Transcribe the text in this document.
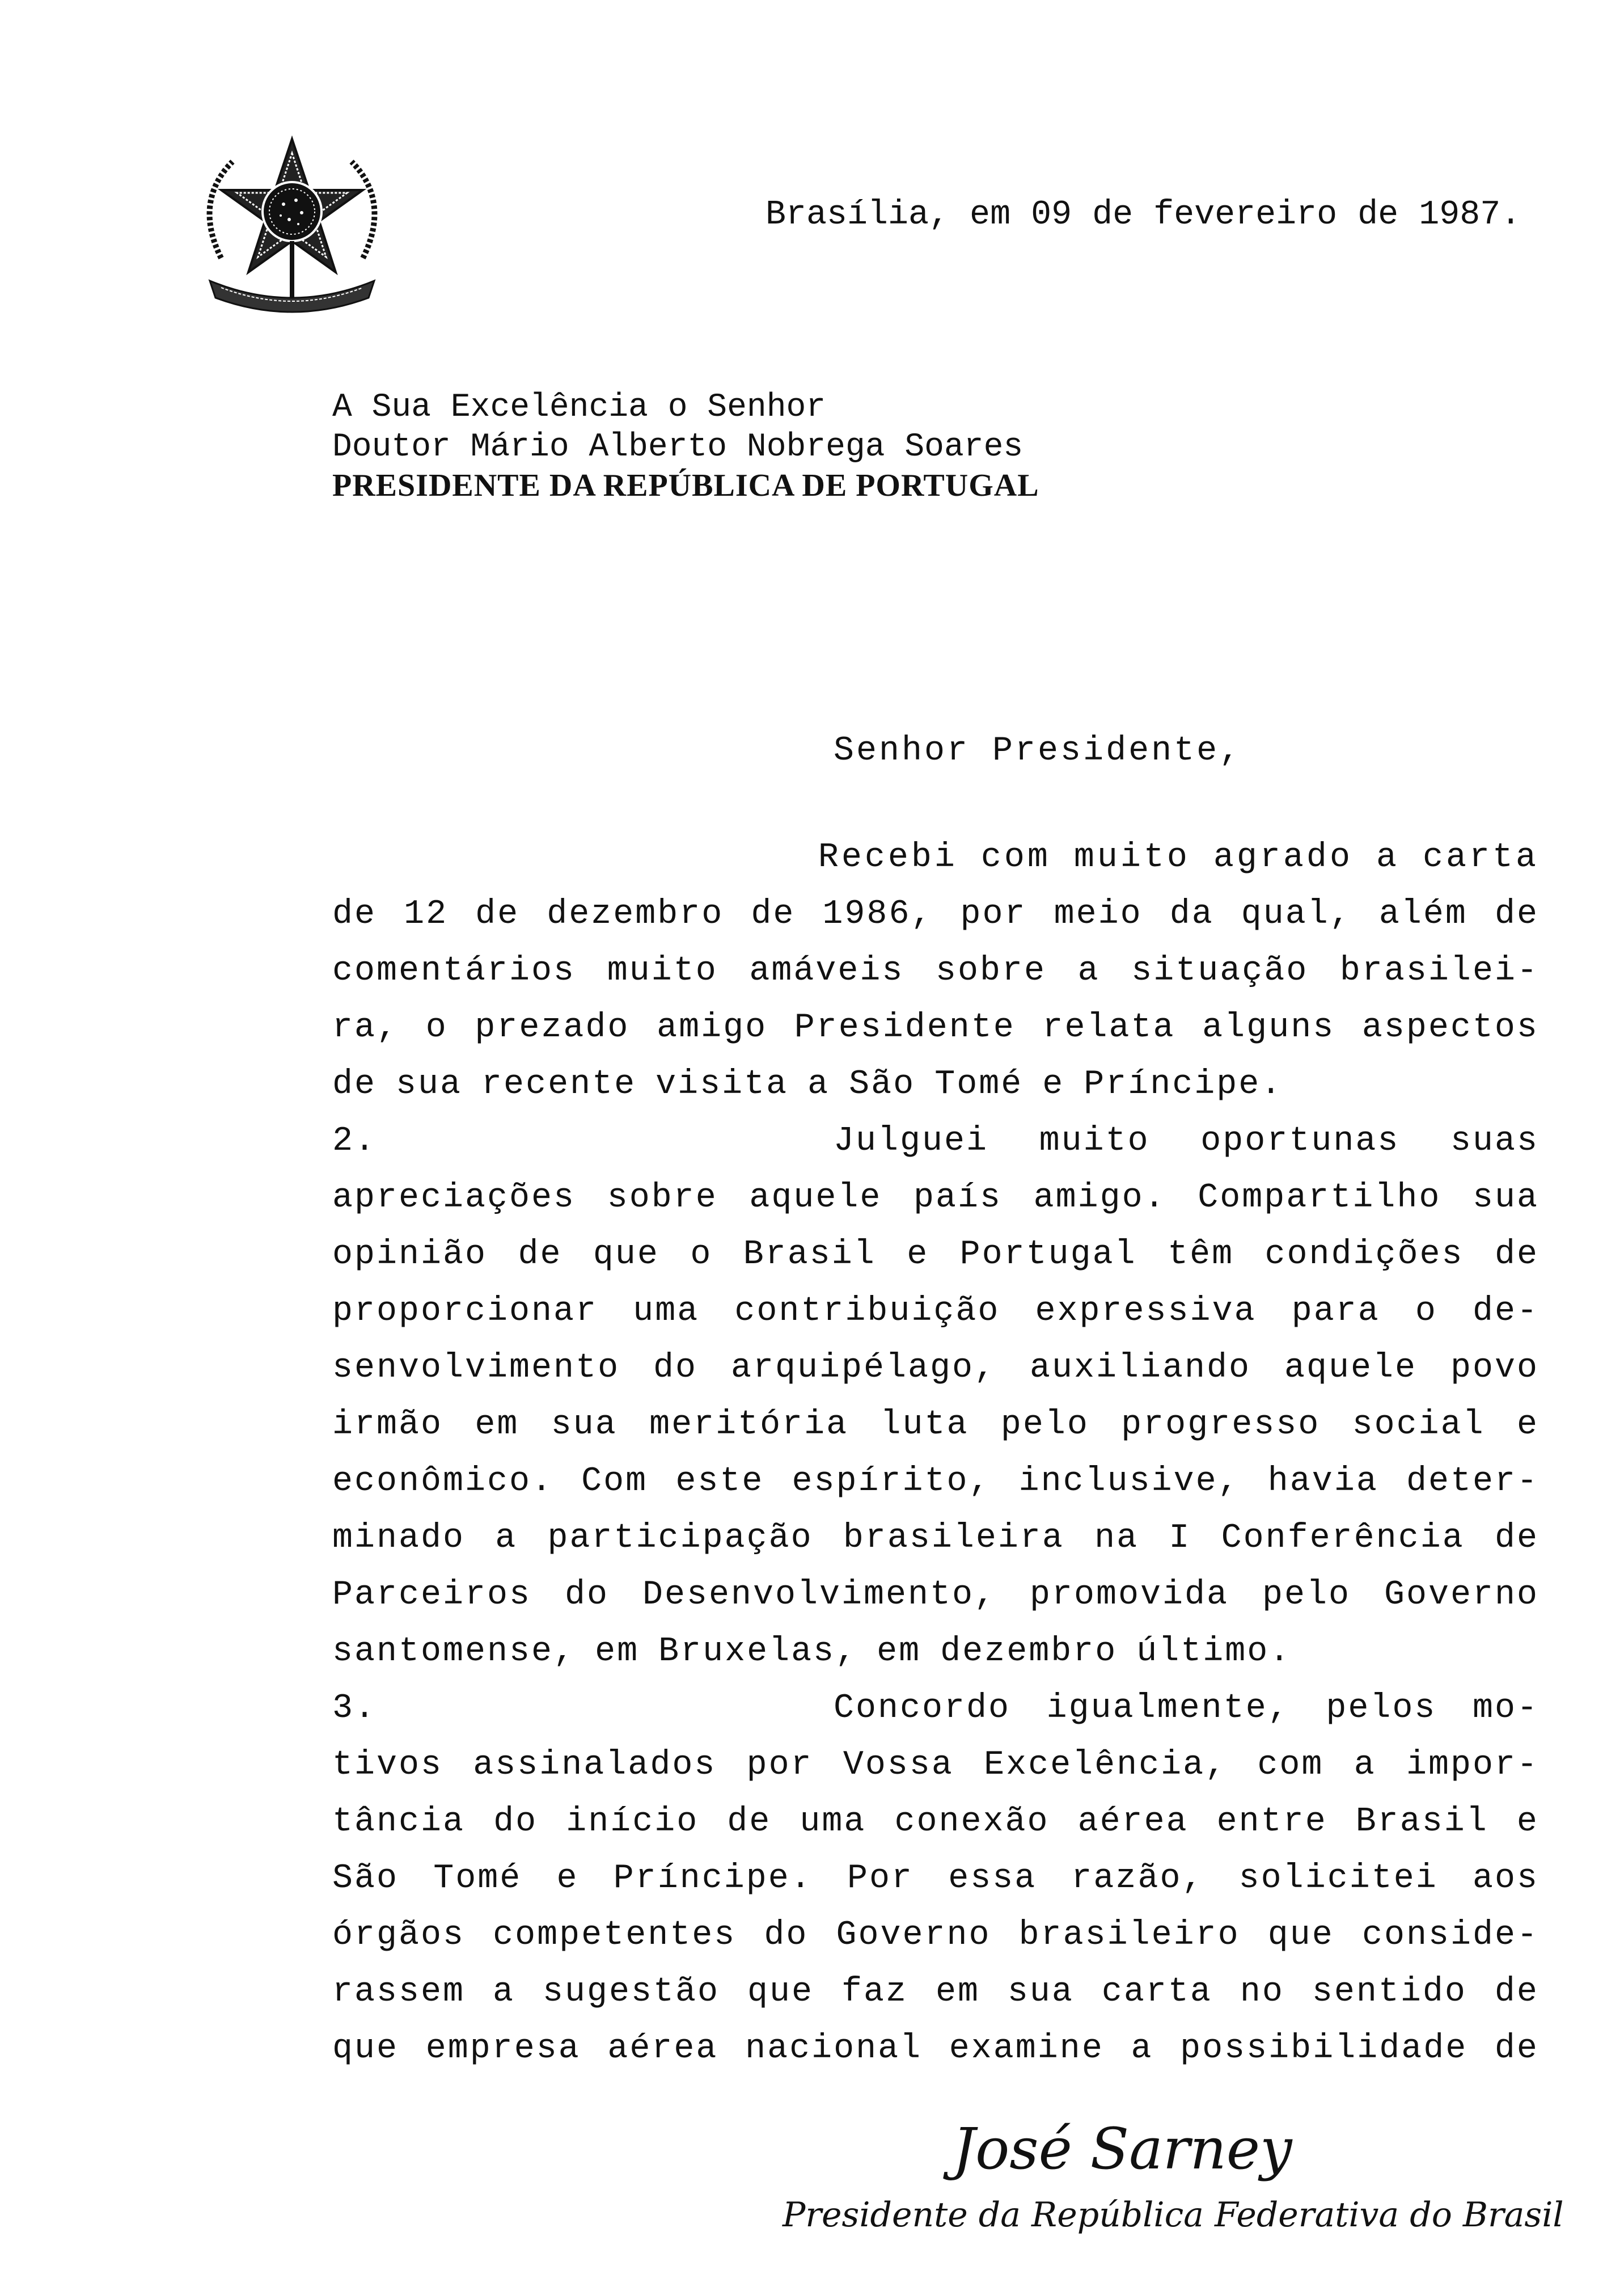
Brasília, em 09 de fevereiro de 1987.
A Sua Excelência o Senhor
Doutor Mário Alberto Nobrega Soares
PRESIDENTE DA REPÚBLICA DE PORTUGAL
Senhor Presidente,
Recebi com muito agrado a carta
de 12 de dezembro de 1986, por meio da qual, além de
comentários muito amáveis sobre a situação brasilei-
ra, o prezado amigo Presidente relata alguns aspectos
de sua recente visita a São Tomé e Príncipe.
2.	Julguei muito oportunas suas
apreciações sobre aquele país amigo. Compartilho sua
opinião de que o Brasil e Portugal têm condições de
proporcionar uma contribuição expressiva para o de-
senvolvimento do arquipélago, auxiliando aquele povo
irmão em sua meritória luta pelo progresso social e
econômico. Com este espírito, inclusive, havia deter-
minado a participação brasileira na I Conferência de
Parceiros do Desenvolvimento, promovida pelo Governo
santomense, em Bruxelas, em dezembro último.
3.	Concordo igualmente, pelos mo-
tivos assinalados por Vossa Excelência, com a impor-
tância do início de uma conexão aérea entre Brasil e
São Tomé e Príncipe. Por essa razão, solicitei aos
órgãos competentes do Governo brasileiro que conside-
rassem a sugestão que faz em sua carta no sentido de
que empresa aérea nacional examine a possibilidade de
José Sarney
Presidente da República Federativa do Brasil
